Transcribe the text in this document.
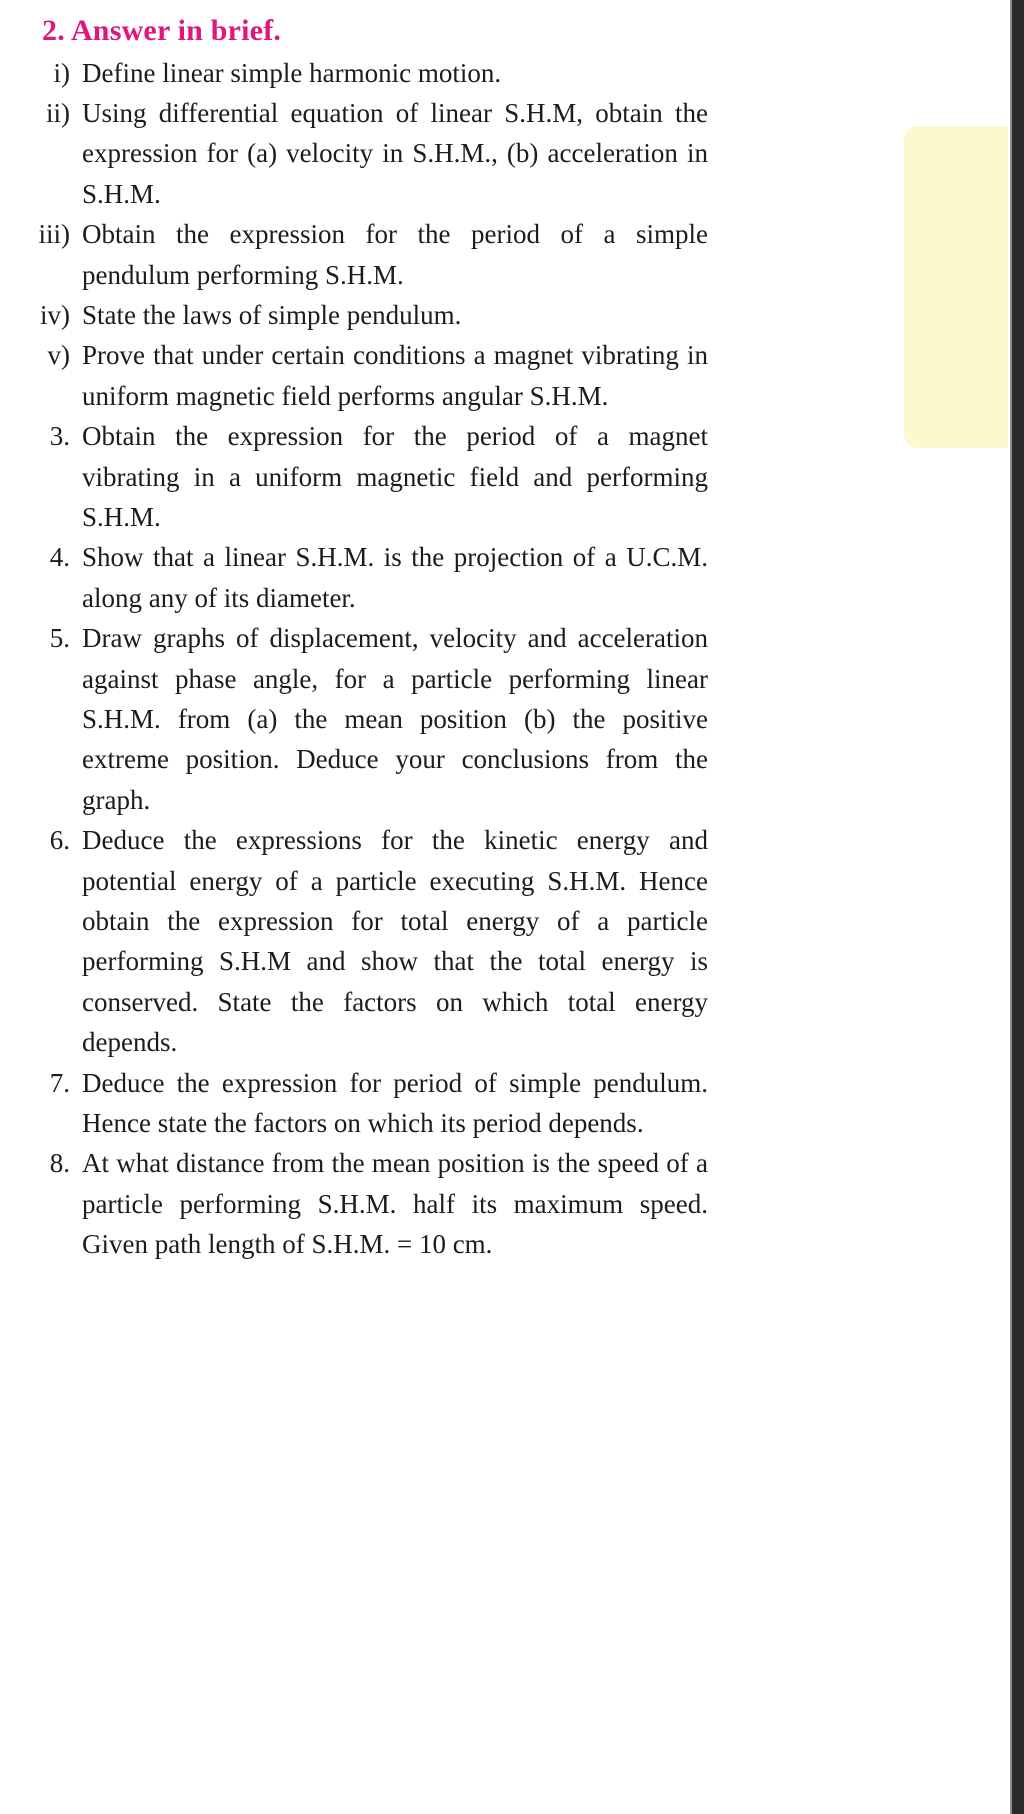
2. Answer in brief.
i) Define linear simple harmonic motion.
ii) Using differential equation of linear S.H.M, obtain the expression for (a) velocity in S.H.M., (b) acceleration in S.H.M.
iii) Obtain the expression for the period of a simple pendulum performing S.H.M.
iv) State the laws of simple pendulum.
v) Prove that under certain conditions a magnet vibrating in uniform magnetic field performs angular S.H.M.
3. Obtain the expression for the period of a magnet vibrating in a uniform magnetic field and performing S.H.M.
4. Show that a linear S.H.M. is the projection of a U.C.M. along any of its diameter.
5. Draw graphs of displacement, velocity and acceleration against phase angle, for a particle performing linear S.H.M. from (a) the mean position (b) the positive extreme position. Deduce your conclusions from the graph.
6. Deduce the expressions for the kinetic energy and potential energy of a particle executing S.H.M. Hence obtain the expression for total energy of a particle performing S.H.M and show that the total energy is conserved. State the factors on which total energy depends.
7. Deduce the expression for period of simple pendulum. Hence state the factors on which its period depends.
8. At what distance from the mean position is the speed of a particle performing S.H.M. half its maximum speed. Given path length of S.H.M. = 10 cm.
